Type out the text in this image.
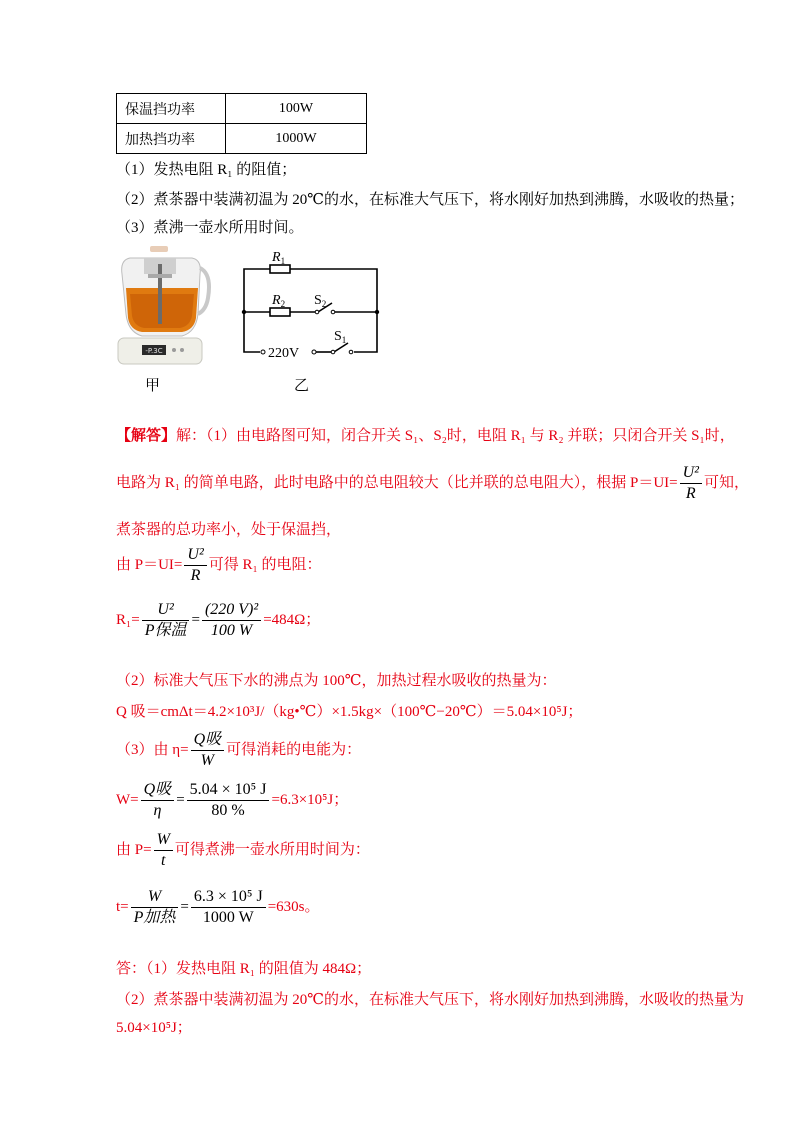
保温挡功率	100W
加热挡功率	1000W
（1）发热电阻 R₁ 的阻值；
（2）煮茶器中装满初温为 20℃的水，在标准大气压下，将水刚好加热到沸腾，水吸收的热量；
（3）煮沸一壶水所用时间。
-P.3C
甲
$R_1$
$R_2$ $S_2$
$S_1$
220V
乙
【解答】解：（1）由电路图可知，闭合开关 S₁、S₂时，电阻 R₁ 与 R₂ 并联；只闭合开关 S₁时，
电路为 R₁ 的简单电路，此时电路中的总电阻较大（比并联的总电阻大），根据 $P=UI= \frac{\text{U²}}{R}$ 可知，
煮茶器的总功率小，处于保温挡，
由 $P=UI= \frac{\text{U²}}{R}$ 可得 R₁ 的电阻：
$R_1= \frac{\text{U²}}{\text{P保温}} = \frac{\text{(220 V)²}}{100 W} =484\Omega$；
（2）标准大气压下水的沸点为 100℃，加热过程水吸收的热量为：
Q 吸＝cmΔt＝4.2×10³J/（kg•℃）×1.5kg×（100℃−20℃）＝5.04×10⁵J；
（3）由 $\eta= \frac{\text{Q吸}}{W}$ 可得消耗的电能为：
$W= \frac{\text{Q吸}}{\eta} = \frac{\text{5.04 × 10⁵ J}}{80 \%} =6.3\times 10^5J$；
由 $P= \frac{W}{t}$ 可得煮沸一壶水所用时间为：
$t= \frac{W}{\text{P加热}} = \frac{\text{6.3 × 10⁵ J}}{1000 W} =630s$。
答：（1）发热电阻 R₁ 的阻值为 484Ω；
（2）煮茶器中装满初温为 20℃的水，在标准大气压下，将水刚好加热到沸腾，水吸收的热量为
5.04×10⁵J；
